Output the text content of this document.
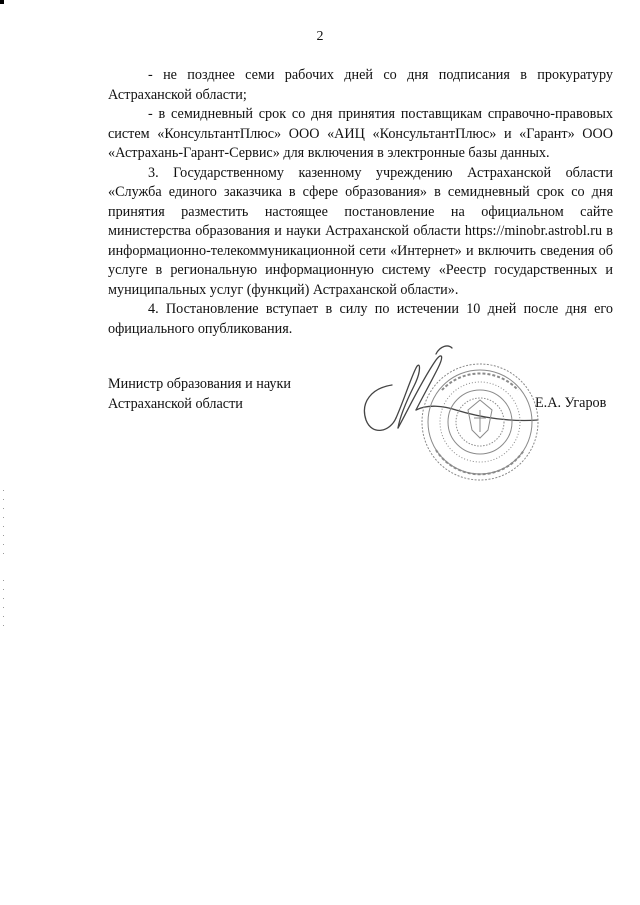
2

- не позднее семи рабочих дней со дня подписания в прокуратуру Астраханской области;

- в семидневный срок со дня принятия поставщикам справочно-правовых систем «КонсультантПлюс» ООО «АИЦ «КонсультантПлюс» и «Гарант» ООО «Астрахань-Гарант-Сервис» для включения в электронные базы данных.

3. Государственному казенному учреждению Астраханской области «Служба единого заказчика в сфере образования» в семидневный срок со дня принятия разместить настоящее постановление на официальном сайте министерства образования и науки Астраханской области https://minobr.astrobl.ru в информационно-телекоммуникационной сети «Интернет» и включить сведения об услуге в региональную информационную систему «Реестр государственных и муниципальных услуг (функций) Астраханской области».

4. Постановление вступает в силу по истечении 10 дней после дня его официального опубликования.

Министр образования и науки
Астраханской области	Е.А. Угаров
